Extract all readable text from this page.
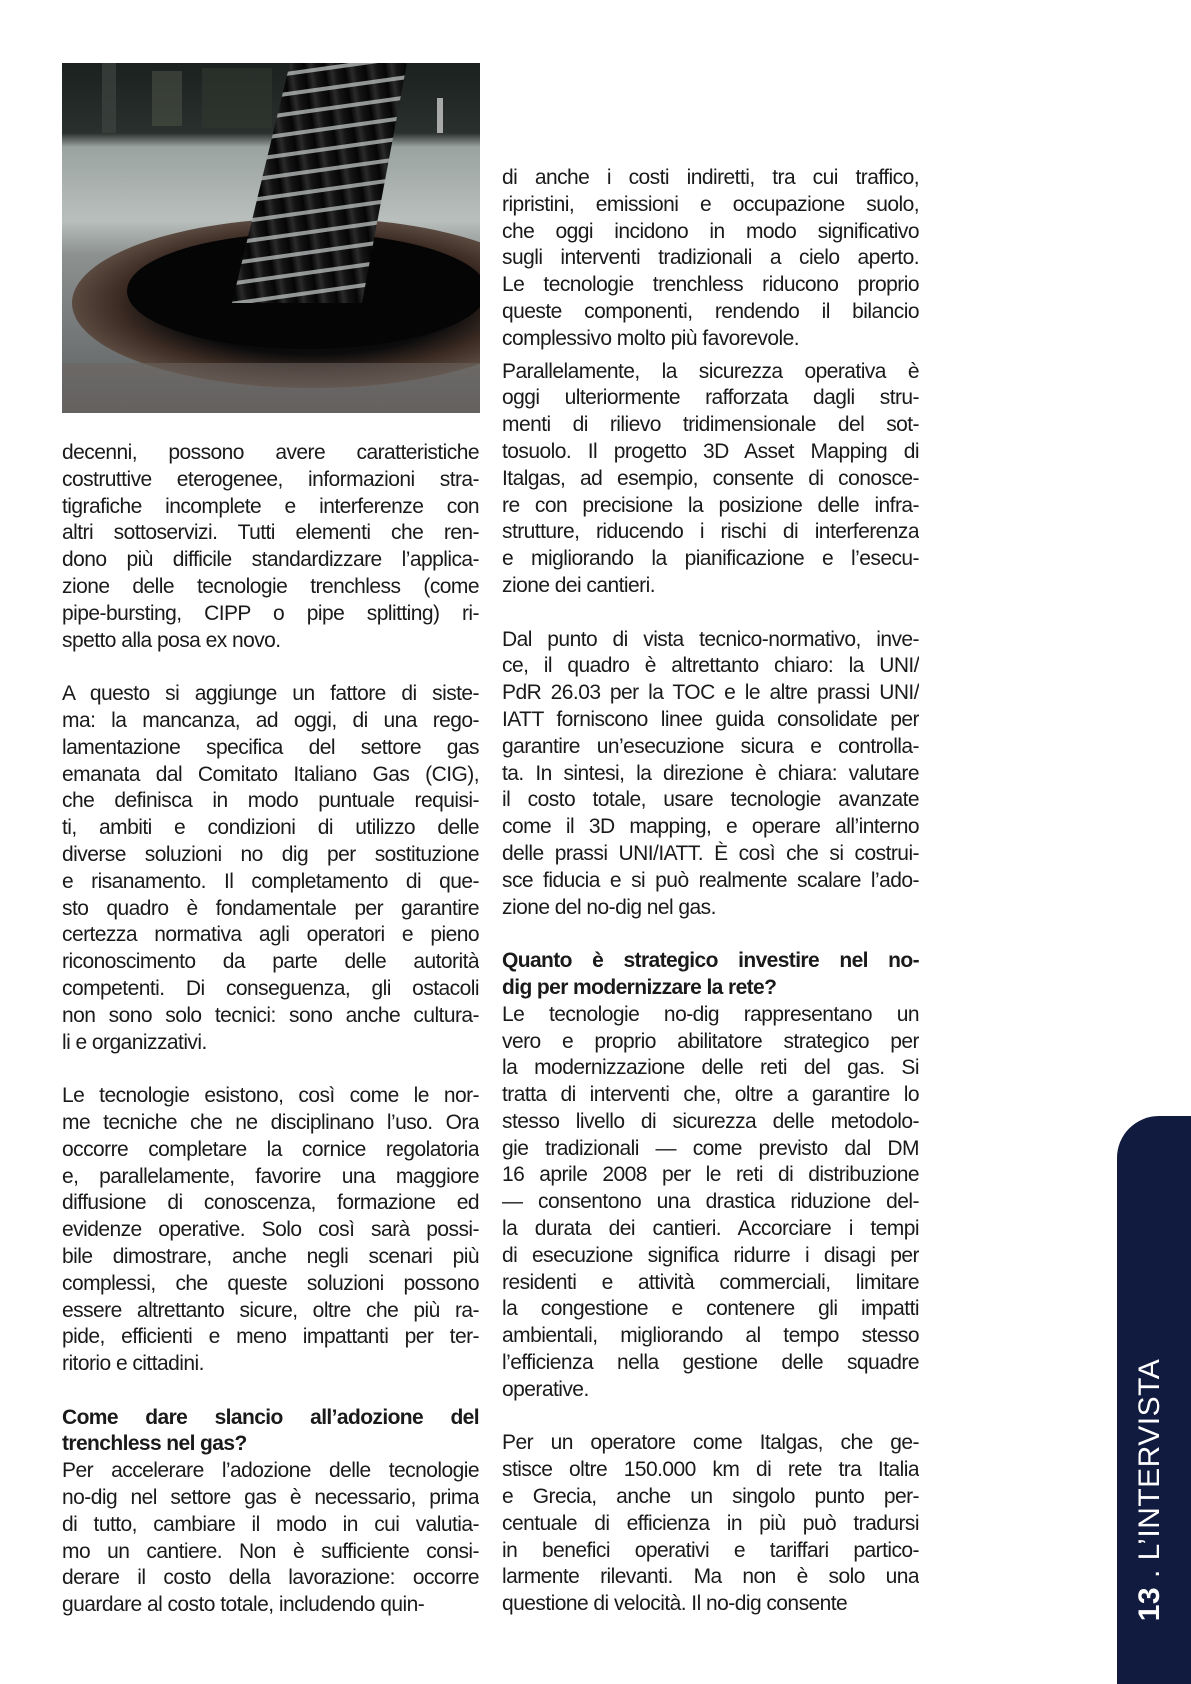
decenni, possono avere caratteristiche
costruttive eterogenee, informazioni stra-
tigrafiche incomplete e interferenze con
altri sottoservizi. Tutti elementi che ren-
dono più difficile standardizzare l’applica-
zione delle tecnologie trenchless (come
pipe-bursting, CIPP o pipe splitting) ri-
spetto alla posa ex novo.
A questo si aggiunge un fattore di siste-
ma: la mancanza, ad oggi, di una rego-
lamentazione specifica del settore gas
emanata dal Comitato Italiano Gas (CIG),
che definisca in modo puntuale requisi-
ti, ambiti e condizioni di utilizzo delle
diverse soluzioni no dig per sostituzione
e risanamento. Il completamento di que-
sto quadro è fondamentale per garantire
certezza normativa agli operatori e pieno
riconoscimento da parte delle autorità
competenti. Di conseguenza, gli ostacoli
non sono solo tecnici: sono anche cultura-
li e organizzativi.
Le tecnologie esistono, così come le nor-
me tecniche che ne disciplinano l’uso. Ora
occorre completare la cornice regolatoria
e, parallelamente, favorire una maggiore
diffusione di conoscenza, formazione ed
evidenze operative. Solo così sarà possi-
bile dimostrare, anche negli scenari più
complessi, che queste soluzioni possono
essere altrettanto sicure, oltre che più ra-
pide, efficienti e meno impattanti per ter-
ritorio e cittadini.
Come dare slancio all’adozione del
trenchless nel gas?
Per accelerare l’adozione delle tecnologie
no-dig nel settore gas è necessario, prima
di tutto, cambiare il modo in cui valutia-
mo un cantiere. Non è sufficiente consi-
derare il costo della lavorazione: occorre
guardare al costo totale, includendo quin-
di anche i costi indiretti, tra cui traffico,
ripristini, emissioni e occupazione suolo,
che oggi incidono in modo significativo
sugli interventi tradizionali a cielo aperto.
Le tecnologie trenchless riducono proprio
queste componenti, rendendo il bilancio
complessivo molto più favorevole.
Parallelamente, la sicurezza operativa è
oggi ulteriormente rafforzata dagli stru-
menti di rilievo tridimensionale del sot-
tosuolo. Il progetto 3D Asset Mapping di
Italgas, ad esempio, consente di conosce-
re con precisione la posizione delle infra-
strutture, riducendo i rischi di interferenza
e migliorando la pianificazione e l’esecu-
zione dei cantieri.
Dal punto di vista tecnico-normativo, inve-
ce, il quadro è altrettanto chiaro: la UNI/
PdR 26.03 per la TOC e le altre prassi UNI/
IATT forniscono linee guida consolidate per
garantire un’esecuzione sicura e controlla-
ta. In sintesi, la direzione è chiara: valutare
il costo totale, usare tecnologie avanzate
come il 3D mapping, e operare all’interno
delle prassi UNI/IATT. È così che si costrui-
sce fiducia e si può realmente scalare l’ado-
zione del no-dig nel gas.
Quanto è strategico investire nel no-
dig per modernizzare la rete?
Le tecnologie no-dig rappresentano un
vero e proprio abilitatore strategico per
la modernizzazione delle reti del gas. Si
tratta di interventi che, oltre a garantire lo
stesso livello di sicurezza delle metodolo-
gie tradizionali — come previsto dal DM
16 aprile 2008 per le reti di distribuzione
— consentono una drastica riduzione del-
la durata dei cantieri. Accorciare i tempi
di esecuzione significa ridurre i disagi per
residenti e attività commerciali, limitare
la congestione e contenere gli impatti
ambientali, migliorando al tempo stesso
l’efficienza nella gestione delle squadre
operative.
Per un operatore come Italgas, che ge-
stisce oltre 150.000 km di rete tra Italia
e Grecia, anche un singolo punto per-
centuale di efficienza in più può tradursi
in benefici operativi e tariffari partico-
larmente rilevanti. Ma non è solo una
questione di velocità. Il no-dig consente	13 . L’INTERVISTA
